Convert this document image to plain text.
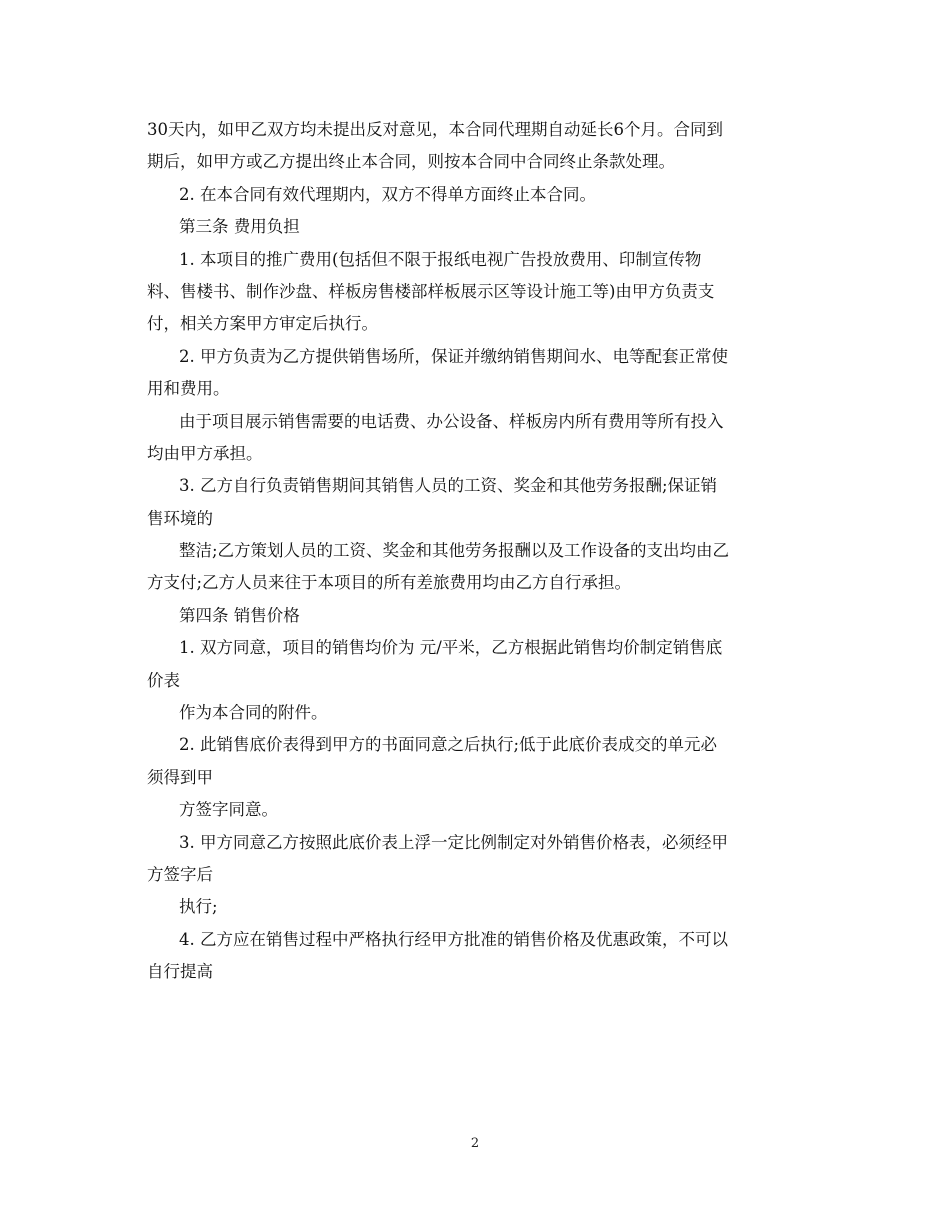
30天内，如甲乙双方均未提出反对意见，本合同代理期自动延长6个月。合同到
期后，如甲方或乙方提出终止本合同，则按本合同中合同终止条款处理。
2. 在本合同有效代理期内，双方不得单方面终止本合同。
第三条 费用负担
1. 本项目的推广费用(包括但不限于报纸电视广告投放费用、印制宣传物
料、售楼书、制作沙盘、样板房售楼部样板展示区等设计施工等)由甲方负责支
付，相关方案甲方审定后执行。
2. 甲方负责为乙方提供销售场所，保证并缴纳销售期间水、电等配套正常使
用和费用。
由于项目展示销售需要的电话费、办公设备、样板房内所有费用等所有投入
均由甲方承担。
3. 乙方自行负责销售期间其销售人员的工资、奖金和其他劳务报酬;保证销
售环境的
整洁;乙方策划人员的工资、奖金和其他劳务报酬以及工作设备的支出均由乙
方支付;乙方人员来往于本项目的所有差旅费用均由乙方自行承担。
第四条 销售价格
1. 双方同意，项目的销售均价为 元/平米，乙方根据此销售均价制定销售底
价表
作为本合同的附件。
2. 此销售底价表得到甲方的书面同意之后执行;低于此底价表成交的单元必
须得到甲
方签字同意。
3. 甲方同意乙方按照此底价表上浮一定比例制定对外销售价格表，必须经甲
方签字后
执行;
4. 乙方应在销售过程中严格执行经甲方批准的销售价格及优惠政策，不可以
自行提高
2
